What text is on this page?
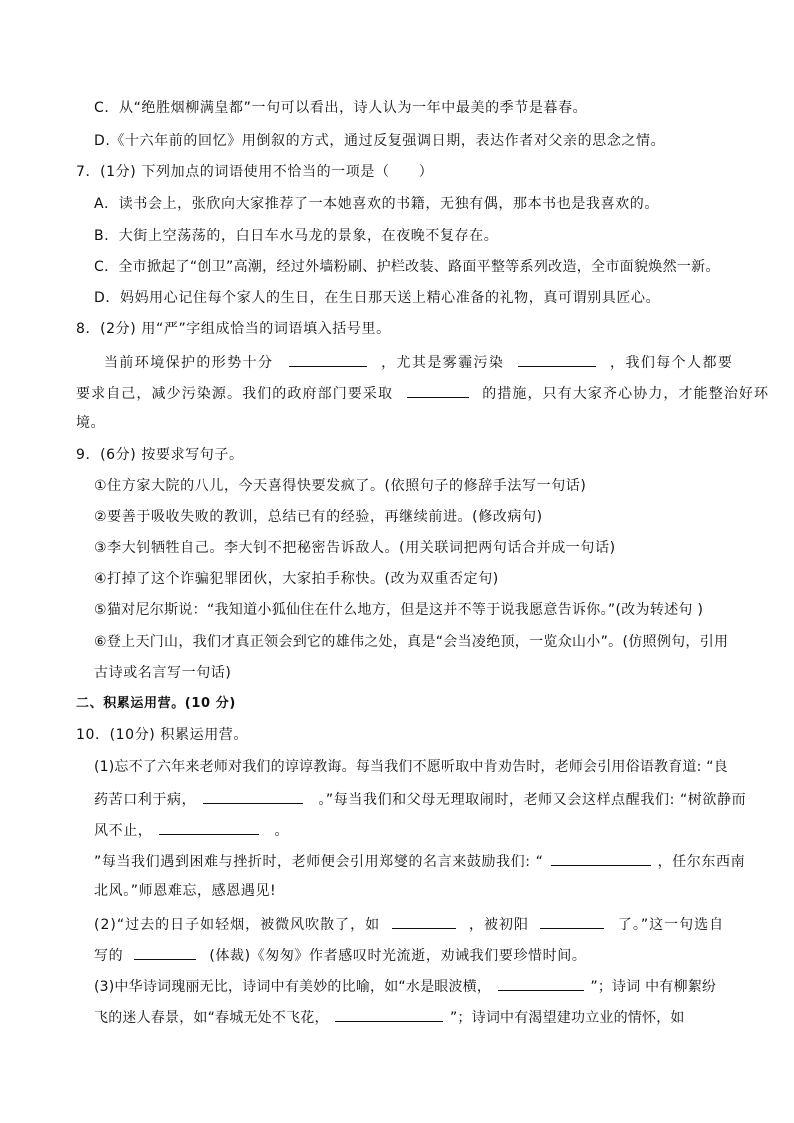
C．从“绝胜烟柳满皇都”一句可以看出，诗人认为一年中最美的季节是暮春。
D.《十六年前的回忆》用倒叙的方式，通过反复强调日期，表达作者对父亲的思念之情。
7．(1分) 下列加点的词语使用不恰当的一项是（　　）
A．读书会上，张欣向大家推荐了一本她喜欢的书籍，无独有偶，那本书也是我喜欢的。
B．大街上空荡荡的，白日车水马龙的景象，在夜晚不复存在。
C．全市掀起了“创卫”高潮，经过外墙粉刷、护栏改装、路面平整等系列改造，全市面貌焕然一新。
D．妈妈用心记住每个家人的生日，在生日那天送上精心准备的礼物，真可谓别具匠心。
8．(2分) 用“严”字组成恰当的词语填入括号里。
当前环境保护的形势十分	，尤其是雾霾污染	，我们每个人都要
要求自己，减少污染源。我们的政府部门要采取	的措施，只有大家齐心协力，才能整治好环
境。
9．(6分) 按要求写句子。
①住方家大院的八儿，今天喜得快要发疯了。(依照句子的修辞手法写一句话)
②要善于吸收失败的教训，总结已有的经验，再继续前进。(修改病句)
③李大钊牺牲自己。李大钊不把秘密告诉敌人。(用关联词把两句话合并成一句话)
④打掉了这个诈骗犯罪团伙，大家拍手称快。(改为双重否定句)
⑤猫对尼尔斯说：“我知道小狐仙住在什么地方，但是这并不等于说我愿意告诉你。”(改为转述句 )
⑥登上天门山，我们才真正领会到它的雄伟之处，真是“会当凌绝顶，一览众山小”。(仿照例句，引用
古诗或名言写一句话)
二、积累运用营。(10 分)
10．(10分) 积累运用营。
(1)忘不了六年来老师对我们的谆谆教诲。每当我们不愿听取中肯劝告时，老师会引用俗语教育道: “良
药苦口利于病，	。”每当我们和父母无理取闹时，老师又会这样点醒我们: “树欲静而
风不止，	。
”每当我们遇到困难与挫折时，老师便会引用郑燮的名言来鼓励我们: “	，任尔东西南
北风。”师恩难忘，感恩遇见!
(2)“过去的日子如轻烟，被微风吹散了，如	，被初阳	了。”这一句选自
写的	(体裁)《匆匆》作者感叹时光流逝，劝诫我们要珍惜时间。
(3)中华诗词瑰丽无比，诗词中有美妙的比喻，如“水是眼波横，	”；诗词 中有柳絮纷
飞的迷人春景，如“春城无处不飞花，	”；诗词中有渴望建功立业的情怀，如
